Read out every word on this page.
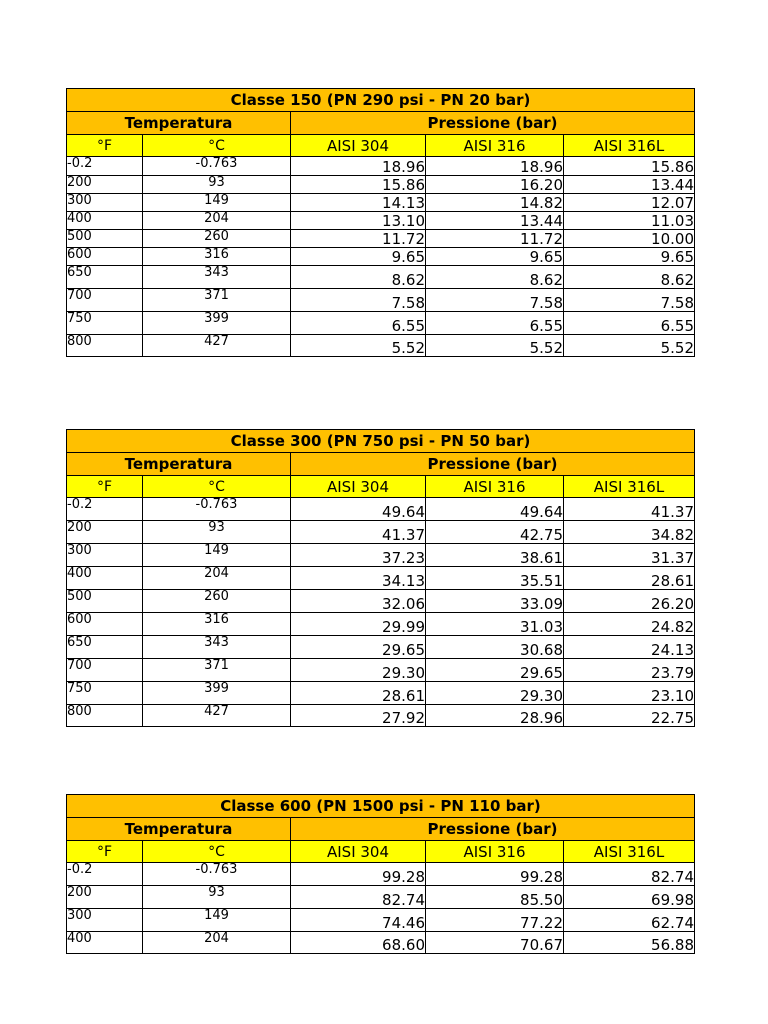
Classe 150 (PN 290 psi - PN 20 bar)				
Temperatura		Pressione (bar)		
°F	°C	AISI 304	AISI 316	AISI 316L
-0.2	-0.763	18.96	18.96	15.86
200	93	15.86	16.20	13.44
300	149	14.13	14.82	12.07
400	204	13.10	13.44	11.03
500	260	11.72	11.72	10.00
600	316	9.65	9.65	9.65
650	343	8.62	8.62	8.62
700	371	7.58	7.58	7.58
750	399	6.55	6.55	6.55
800	427	5.52	5.52	5.52
Classe 300 (PN 750 psi - PN 50 bar)				
Temperatura		Pressione (bar)		
°F	°C	AISI 304	AISI 316	AISI 316L
-0.2	-0.763	49.64	49.64	41.37
200	93	41.37	42.75	34.82
300	149	37.23	38.61	31.37
400	204	34.13	35.51	28.61
500	260	32.06	33.09	26.20
600	316	29.99	31.03	24.82
650	343	29.65	30.68	24.13
700	371	29.30	29.65	23.79
750	399	28.61	29.30	23.10
800	427	27.92	28.96	22.75
Classe 600 (PN 1500 psi - PN 110 bar)				
Temperatura		Pressione (bar)		
°F	°C	AISI 304	AISI 316	AISI 316L
-0.2	-0.763	99.28	99.28	82.74
200	93	82.74	85.50	69.98
300	149	74.46	77.22	62.74
400	204	68.60	70.67	56.88
